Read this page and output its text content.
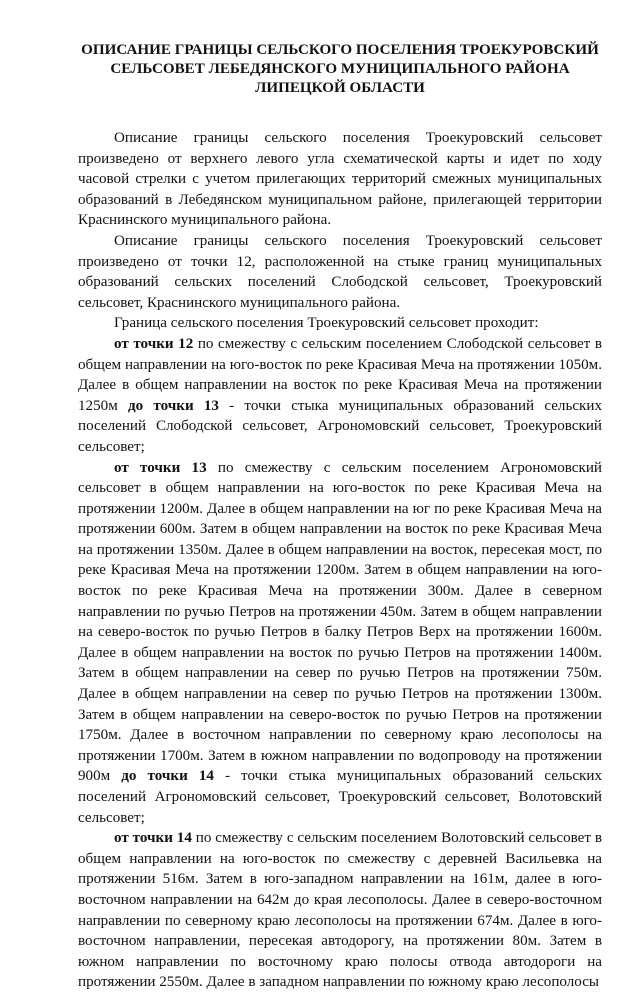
ОПИСАНИЕ ГРАНИЦЫ СЕЛЬСКОГО ПОСЕЛЕНИЯ ТРОЕКУРОВСКИЙ СЕЛЬСОВЕТ ЛЕБЕДЯНСКОГО МУНИЦИПАЛЬНОГО РАЙОНА ЛИПЕЦКОЙ ОБЛАСТИ

Описание границы сельского поселения Троекуровский сельсовет произведено от верхнего левого угла схематической карты и идет по ходу часовой стрелки с учетом прилегающих территорий смежных муниципальных образований в Лебедянском муниципальном районе, прилегающей территории Краснинского муниципального района.

Описание границы сельского поселения Троекуровский сельсовет произведено от точки 12, расположенной на стыке границ муниципальных образований сельских поселений Слободской сельсовет, Троекуровский сельсовет, Краснинского муниципального района.

Граница сельского поселения Троекуровский сельсовет проходит:

от точки 12 по смежеству с сельским поселением Слободской сельсовет в общем направлении на юго-восток по реке Красивая Меча на протяжении 1050м. Далее в общем направлении на восток по реке Красивая Меча на протяжении 1250м до точки 13 - точки стыка муниципальных образований сельских поселений Слободской сельсовет, Агрономовский сельсовет, Троекуровский сельсовет;

от точки 13 по смежеству с сельским поселением Агрономовский сельсовет в общем направлении на юго-восток по реке Красивая Меча на протяжении 1200м. Далее в общем направлении на юг по реке Красивая Меча на протяжении 600м. Затем в общем направлении на восток по реке Красивая Меча на протяжении 1350м. Далее в общем направлении на восток, пересекая мост, по реке Красивая Меча на протяжении 1200м. Затем в общем направлении на юго-восток по реке Красивая Меча на протяжении 300м. Далее в северном направлении по ручью Петров на протяжении 450м. Затем в общем направлении на северо-восток по ручью Петров в балку Петров Верх на протяжении 1600м. Далее в общем направлении на восток по ручью Петров на протяжении 1400м. Затем в общем направлении на север по ручью Петров на протяжении 750м. Далее в общем направлении на север по ручью Петров на протяжении 1300м. Затем в общем направлении на северо-восток по ручью Петров на протяжении 1750м. Далее в восточном направлении по северному краю лесополосы на протяжении 1700м. Затем в южном направлении по водопроводу на протяжении 900м до точки 14 - точки стыка муниципальных образований сельских поселений Агрономовский сельсовет, Троекуровский сельсовет, Волотовский сельсовет;

от точки 14 по смежеству с сельским поселением Волотовский сельсовет в общем направлении на юго-восток по смежеству с деревней Васильевка на протяжении 516м. Затем в юго-западном направлении на 161м, далее в юго-восточном направлении на 642м до края лесополосы. Далее в северо-восточном направлении по северному краю лесополосы на протяжении 674м. Далее в юго-восточном направлении, пересекая автодорогу, на протяжении 80м. Затем в южном направлении по восточному краю полосы отвода автодороги на протяжении 2550м. Далее в западном направлении по южному краю лесополосы
